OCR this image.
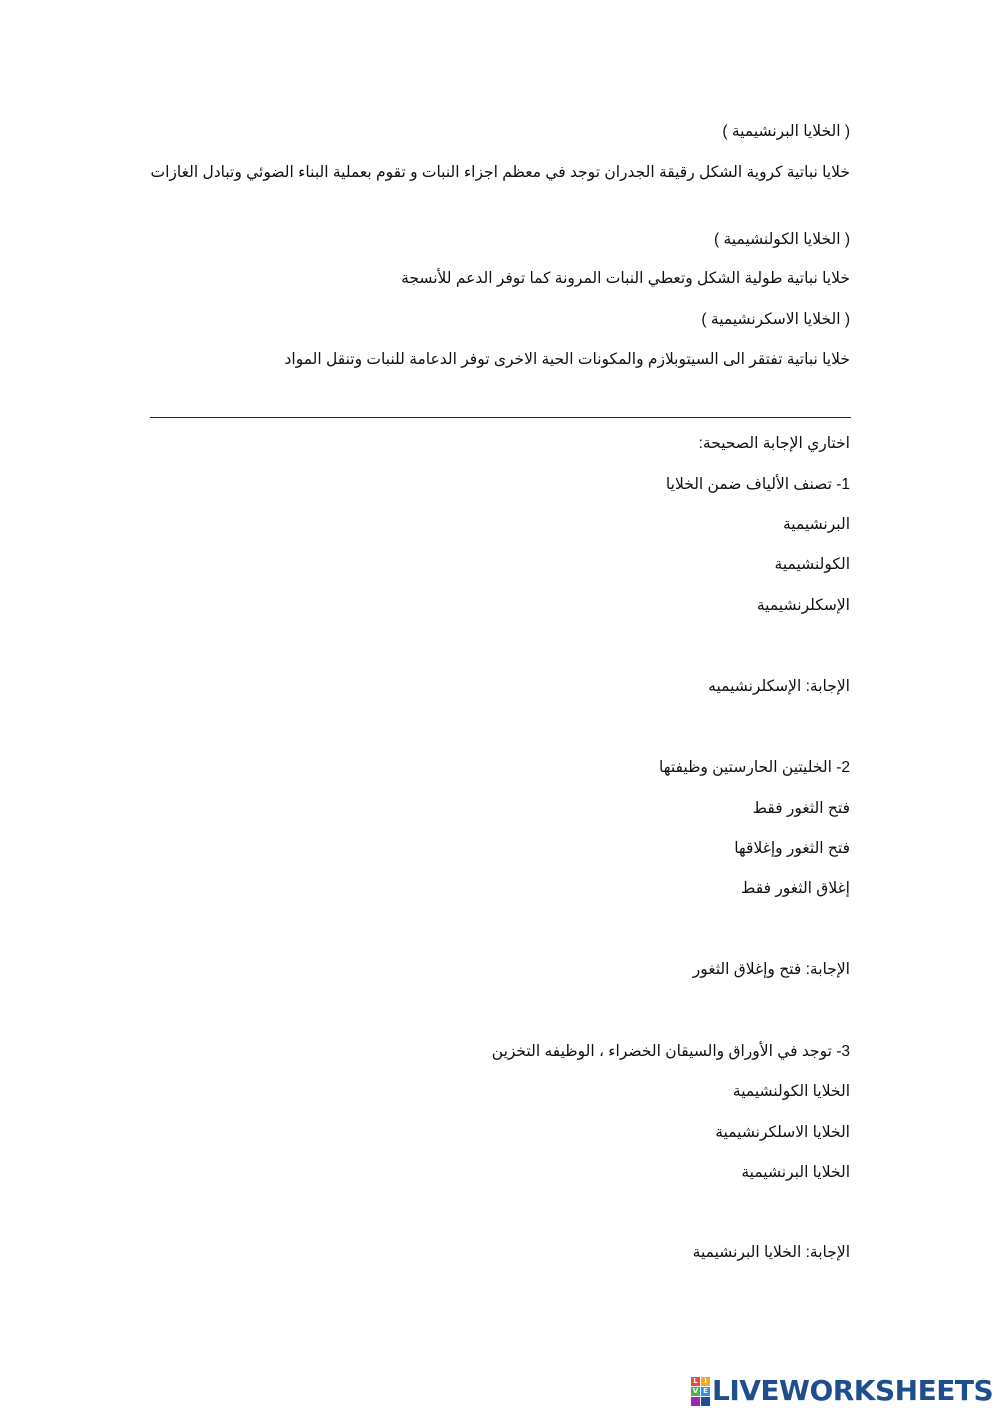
( الخلايا البرنشيمية )
خلايا نباتية كروية الشكل رقيقة الجدران توجد في معظم اجزاء النبات و تقوم بعملية البناء الضوئي وتبادل الغازات
( الخلايا الكولنشيمية )
خلايا نباتية طولية الشكل وتعطي النبات المرونة كما توفر الدعم للأنسجة
( الخلايا الاسكرنشيمية )
خلايا نباتية تفتقر الى السيتوبلازم والمكونات الحية الاخرى توفر الدعامة للنبات وتنقل المواد
اختاري الإجابة الصحيحة:
1- تصنف الألياف ضمن الخلايا
البرنشيمية
الكولنشيمية
الإسكلرنشيمية
الإجابة: الإسكلرنشيميه
2- الخليتين الحارستين وظيفتها
فتح الثغور فقط
فتح الثغور وإغلاقها
إغلاق الثغور فقط
الإجابة: فتح وإغلاق الثغور
3- توجد في الأوراق والسيقان الخضراء ، الوظيفه التخزين
الخلايا الكولنشيمية
الخلايا الاسلكرنشيمية
الخلايا البرنشيمية
الإجابة: الخلايا البرنشيمية
L I
V E LIVEWORKSHEETS
